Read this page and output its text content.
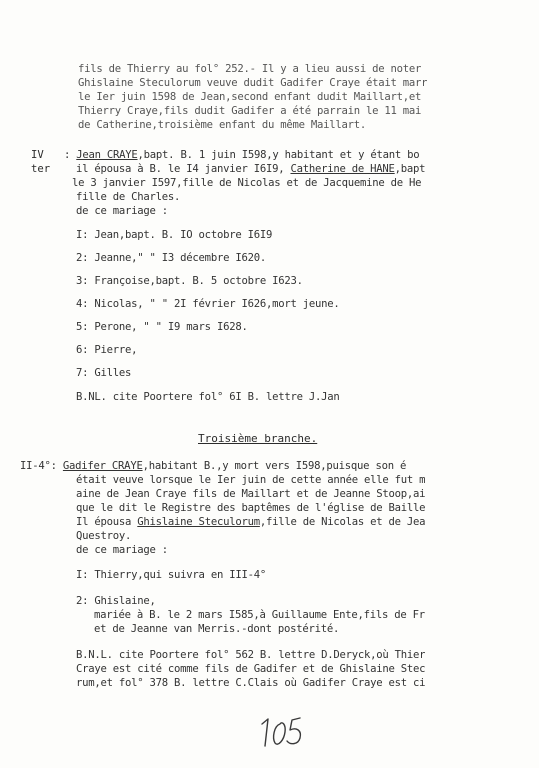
fils de Thierry au fol° 252.- Il y a lieu aussi de noter
Ghislaine Steculorum veuve dudit Gadifer Craye était marr
le Ier juin 1598 de Jean,second enfant dudit Maillart,et
Thierry Craye,fils dudit Gadifer a été parrain le 11 mai
de Catherine,troisième enfant du même Maillart.
IV
ter
: Jean CRAYE,bapt. B. 1 juin I598,y habitant et y étant bo
il épousa à B. le I4 janvier I6I9, Catherine de HANE,bapt
le 3 janvier I597,fille de Nicolas et de Jacquemine de He
fille de Charles.
de ce mariage :
I: Jean,bapt. B. IO octobre I6I9
2: Jeanne," " I3 décembre I620.
3: Françoise,bapt. B. 5 octobre I623.
4: Nicolas, " " 2I février I626,mort jeune.
5: Perone, " " I9 mars I628.
6: Pierre,
7: Gilles
B.NL. cite Poortere fol° 6I B. lettre J.Jan
Troisième branche.
II-4°: Gadifer CRAYE,habitant B.,y mort vers I598,puisque son é
était veuve lorsque le Ier juin de cette année elle fut m
aine de Jean Craye fils de Maillart et de Jeanne Stoop,ai
que le dit le Registre des baptêmes de l'église de Baille
Il épousa Ghislaine Steculorum,fille de Nicolas et de Jea
Questroy.
de ce mariage :
I: Thierry,qui suivra en III-4°
2: Ghislaine,
mariée à B. le 2 mars I585,à Guillaume Ente,fils de Fr
et de Jeanne van Merris.-dont postérité.
B.N.L. cite Poortere fol° 562 B. lettre D.Deryck,où Thier
Craye est cité comme fils de Gadifer et de Ghislaine Stec
rum,et fol° 378 B. lettre C.Clais où Gadifer Craye est ci
